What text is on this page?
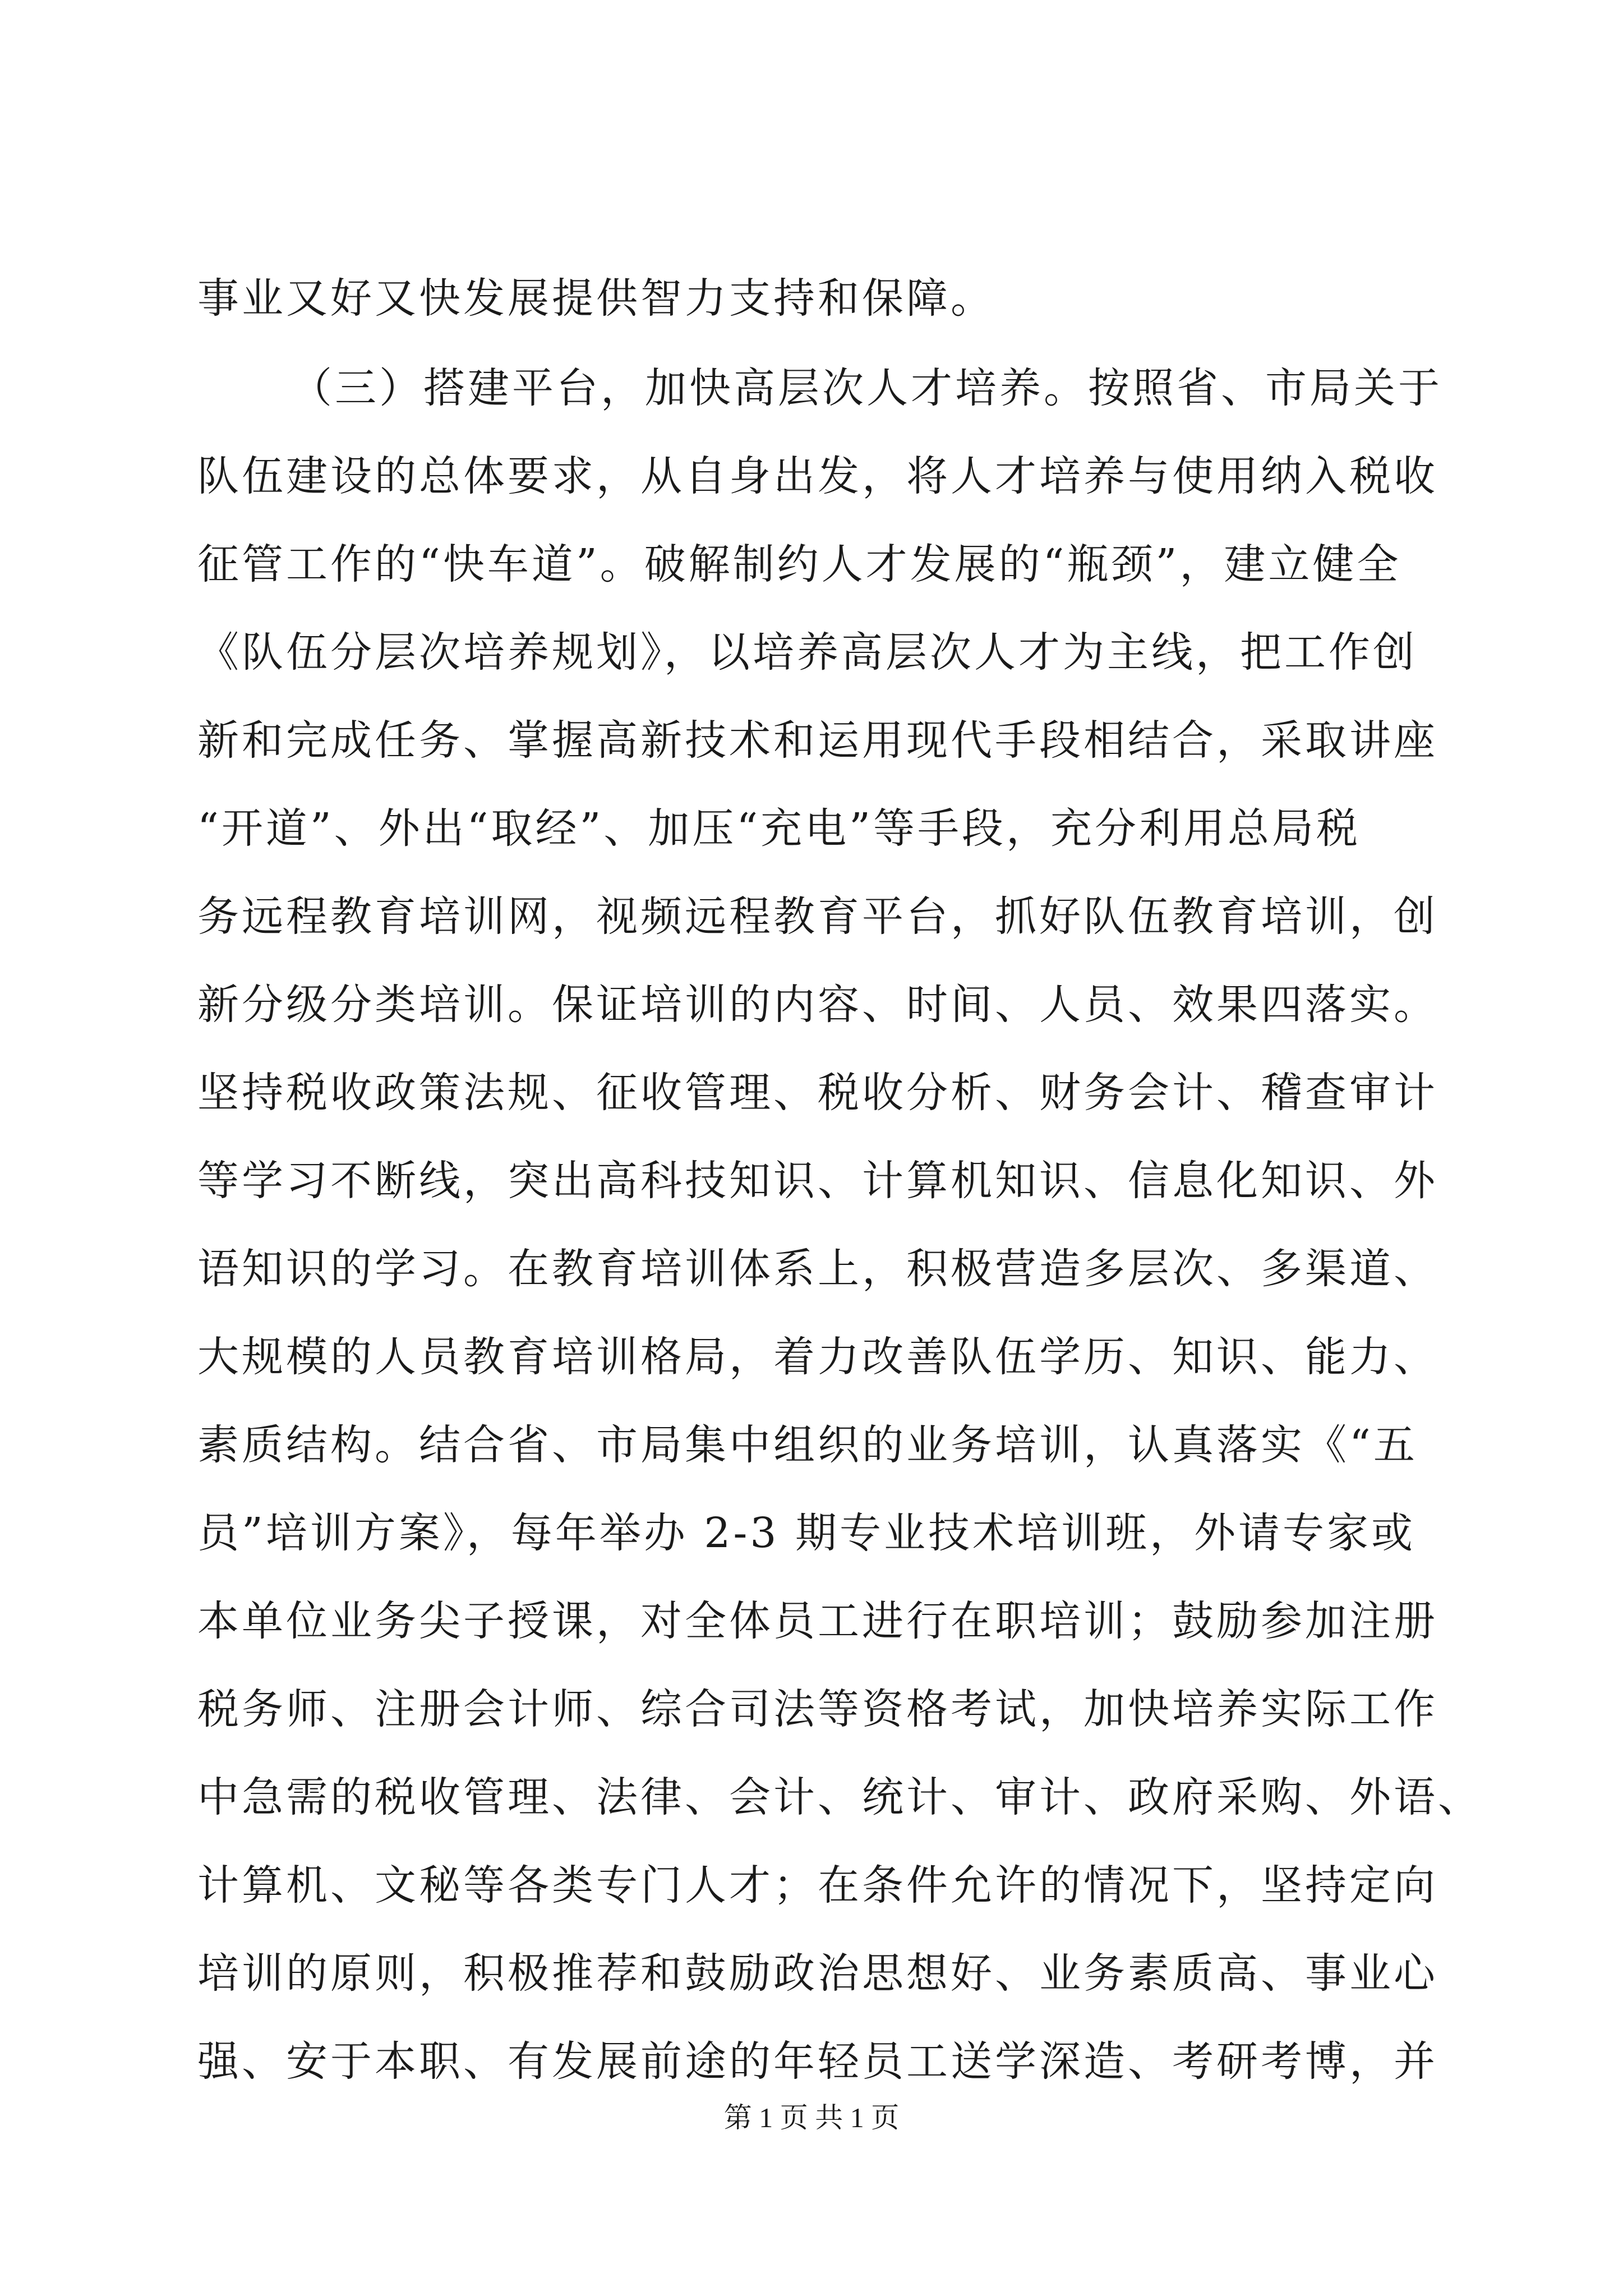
事业又好又快发展提供智力支持和保障。
（三）搭建平台，加快高层次人才培养。按照省、市局关于
队伍建设的总体要求，从自身出发，将人才培养与使用纳入税收
征管工作的“快车道”。破解制约人才发展的“瓶颈”，建立健全
《队伍分层次培养规划》，以培养高层次人才为主线，把工作创
新和完成任务、掌握高新技术和运用现代手段相结合，采取讲座
“开道”、外出“取经”、加压“充电”等手段，充分利用总局税
务远程教育培训网，视频远程教育平台，抓好队伍教育培训，创
新分级分类培训。保证培训的内容、时间、人员、效果四落实。
坚持税收政策法规、征收管理、税收分析、财务会计、稽查审计
等学习不断线，突出高科技知识、计算机知识、信息化知识、外
语知识的学习。在教育培训体系上，积极营造多层次、多渠道、
大规模的人员教育培训格局，着力改善队伍学历、知识、能力、
素质结构。结合省、市局集中组织的业务培训，认真落实《“五
员”培训方案》，每年举办 2-3 期专业技术培训班，外请专家或
本单位业务尖子授课，对全体员工进行在职培训；鼓励参加注册
税务师、注册会计师、综合司法等资格考试，加快培养实际工作
中急需的税收管理、法律、会计、统计、审计、政府采购、外语、
计算机、文秘等各类专门人才；在条件允许的情况下，坚持定向
培训的原则，积极推荐和鼓励政治思想好、业务素质高、事业心
强、安于本职、有发展前途的年轻员工送学深造、考研考博，并
第 1 页 共 1 页
